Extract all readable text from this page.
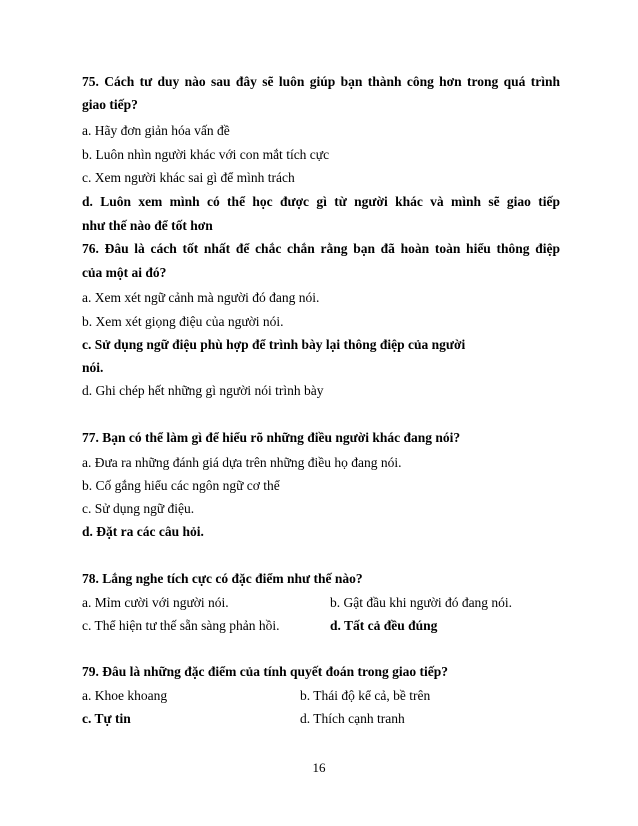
75. Cách tư duy nào sau đây sẽ luôn giúp bạn thành công hơn trong quá trình
giao tiếp?
a. Hãy đơn giản hóa vấn đề
b. Luôn nhìn người khác với con mắt tích cực
c. Xem người khác sai gì để mình trách
d. Luôn xem mình có thể học được gì từ người khác và mình sẽ giao tiếp
như thế nào để tốt hơn
76. Đâu là cách tốt nhất để chắc chắn rằng bạn đã hoàn toàn hiểu thông điệp
của một ai đó?
a. Xem xét ngữ cảnh mà người đó đang nói.
b. Xem xét giọng điệu của người nói.
c. Sử dụng ngữ điệu phù hợp để trình bày lại thông điệp của người
nói.
d. Ghi chép hết những gì người nói trình bày
77. Bạn có thể làm gì để hiểu rõ những điều người khác đang nói?
a. Đưa ra những đánh giá dựa trên những điều họ đang nói.
b. Cố gắng hiểu các ngôn ngữ cơ thể
c. Sử dụng ngữ điệu.
d. Đặt ra các câu hỏi.
78. Lắng nghe tích cực có đặc điểm như thế nào?
a. Mỉm cười với người nói.	b. Gật đầu khi người đó đang nói.
c. Thể hiện tư thế sẵn sàng phản hồi.	d. Tất cả đều đúng
79. Đâu là những đặc điểm của tính quyết đoán trong giao tiếp?
a. Khoe khoang	b. Thái độ kể cả, bề trên
c. Tự tin	d. Thích cạnh tranh
16
